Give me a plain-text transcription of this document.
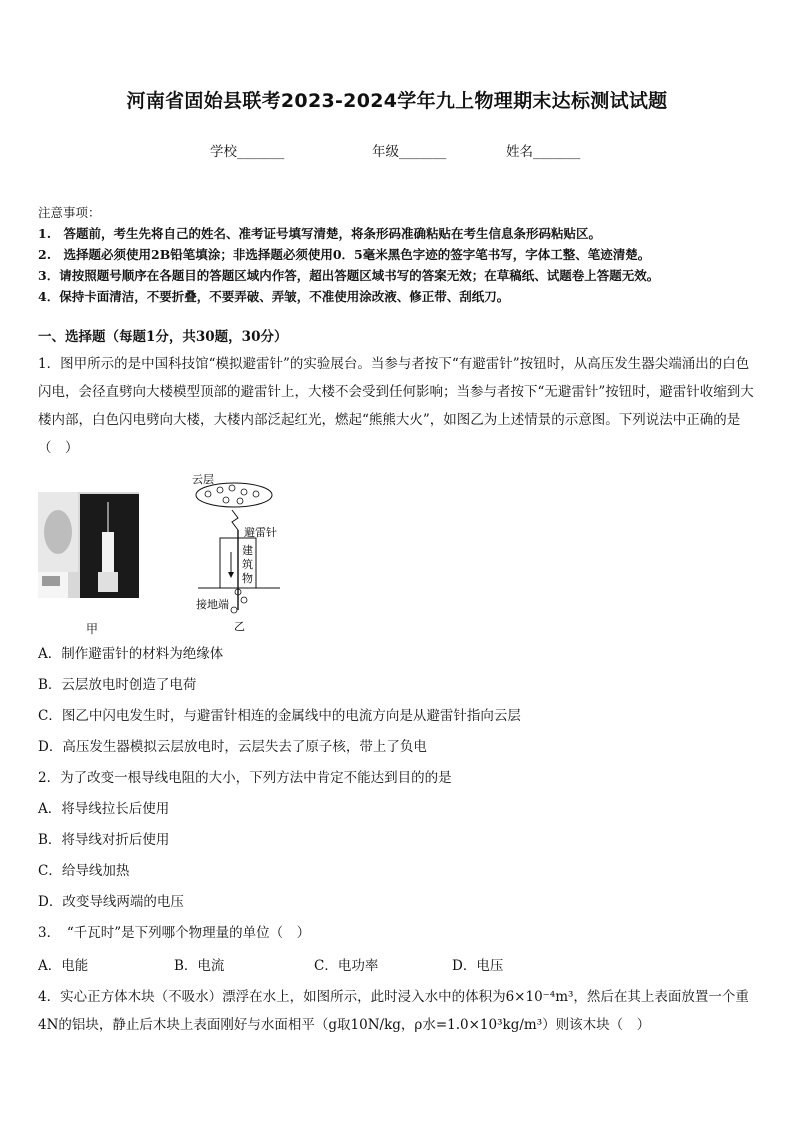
河南省固始县联考2023-2024学年九上物理期末达标测试试题
学校_______	年级_______	姓名_______
注意事项：
1.　答题前，考生先将自己的姓名、准考证号填写清楚，将条形码准确粘贴在考生信息条形码粘贴区。
2.　选择题必须使用2B铅笔填涂；非选择题必须使用0．5毫米黑色字迹的签字笔书写，字体工整、笔迹清楚。
3．请按照题号顺序在各题目的答题区域内作答，超出答题区域书写的答案无效；在草稿纸、试题卷上答题无效。
4．保持卡面清洁，不要折叠，不要弄破、弄皱，不准使用涂改液、修正带、刮纸刀。
一、选择题（每题1分，共30题，30分）
1．图甲所示的是中国科技馆“模拟避雷针”的实验展台。当参与者按下“有避雷针”按钮时，从高压发生器尖端涌出的白色闪电，会径直劈向大楼模型顶部的避雷针上，大楼不会受到任何影响；当参与者按下“无避雷针”按钮时，避雷针收缩到大楼内部，白色闪电劈向大楼，大楼内部泛起红光，燃起“熊熊大火”，如图乙为上述情景的示意图。下列说法中正确的是（　）
甲
云层
避雷针
建
筑
物
接地端
乙
A．制作避雷针的材料为绝缘体
B．云层放电时创造了电荷
C．图乙中闪电发生时，与避雷针相连的金属线中的电流方向是从避雷针指向云层
D．高压发生器模拟云层放电时，云层失去了原子核，带上了负电
2．为了改变一根导线电阻的大小，下列方法中肯定不能达到目的的是
A．将导线拉长后使用
B．将导线对折后使用
C．给导线加热
D．改变导线两端的电压
3．　“千瓦时”是下列哪个物理量的单位（　）
A．电能	B．电流	C．电功率	D．电压
4．实心正方体木块（不吸水）漂浮在水上，如图所示，此时浸入水中的体积为6×10⁻⁴m³，然后在其上表面放置一个重4N的铝块，静止后木块上表面刚好与水面相平（g取10N/kg，ρ水=1.0×10³kg/m³）则该木块（　）
